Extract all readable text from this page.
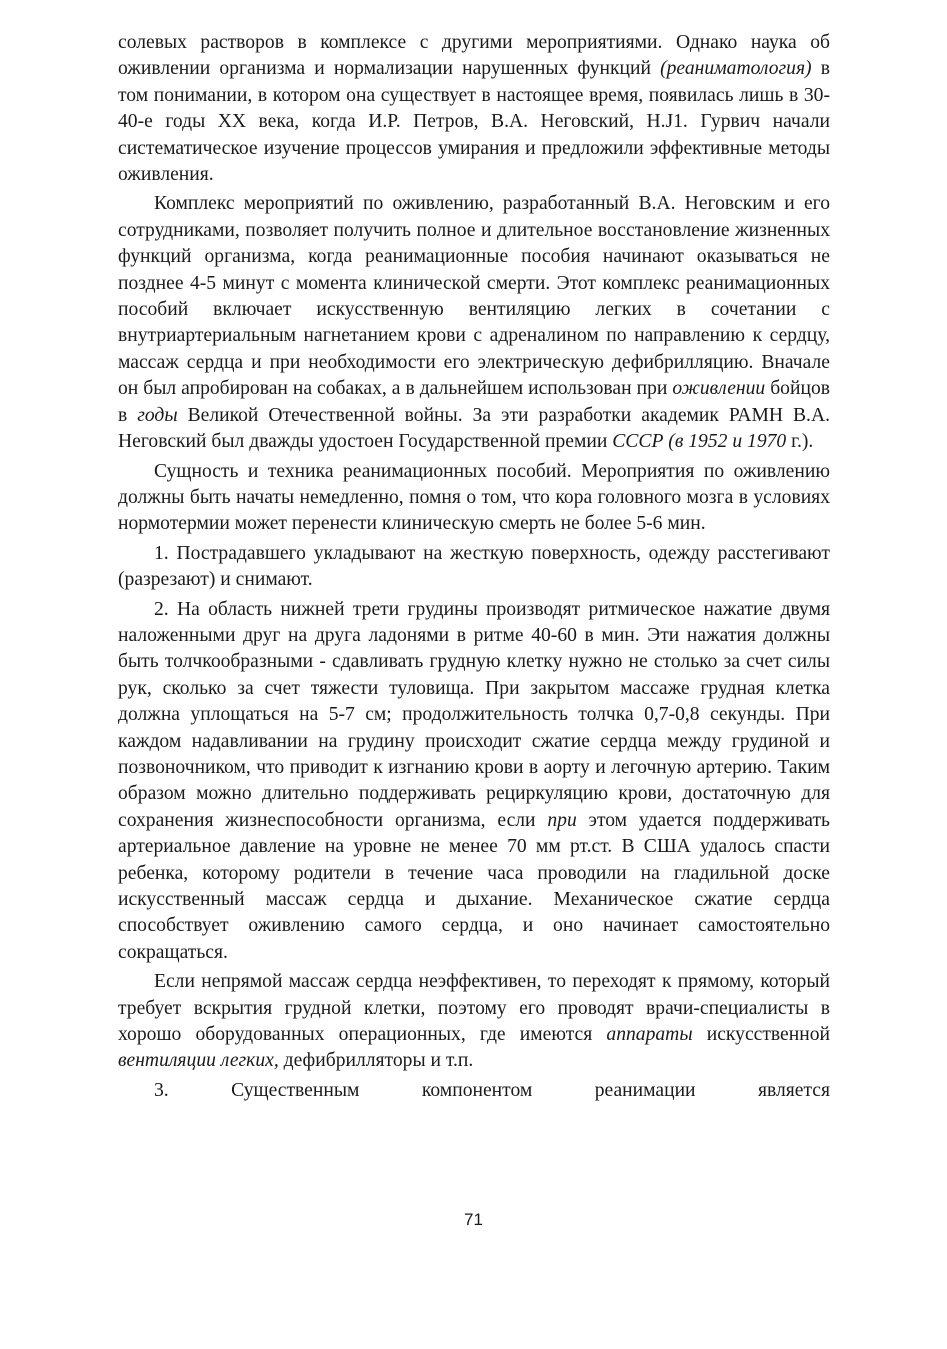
солевых растворов в комплексе с другими мероприятиями. Однако наука об оживлении организма и нормализации нарушенных функций (реаниматология) в том понимании, в котором она существует в настоящее время, появилась лишь в 30-40-е годы XX века, когда И.Р. Петров, В.А. Неговский, Н.J1. Гурвич начали систематическое изучение процессов умирания и предложили эффективные методы оживления.

Комплекс мероприятий по оживлению, разработанный В.А. Неговским и его сотрудниками, позволяет получить полное и длительное восстановление жизненных функций организма, когда реанимационные пособия начинают оказываться не позднее 4-5 минут с момента клинической смерти. Этот комплекс реанимационных пособий включает искусственную вентиляцию легких в сочетании с внутриартериальным нагнетанием крови с адреналином по направлению к сердцу, массаж сердца и при необходимости его электрическую дефибрилляцию. Вначале он был апробирован на собаках, а в дальнейшем использован при оживлении бойцов в годы Великой Отечественной войны. За эти разработки академик РАМН В.А. Неговский был дважды удостоен Государственной премии СССР (в 1952 и 1970 г.).

Сущность и техника реанимационных пособий. Мероприятия по оживлению должны быть начаты немедленно, помня о том, что кора головного мозга в условиях нормотермии может перенести клиническую смерть не более 5-6 мин.

1. Пострадавшего укладывают на жесткую поверхность, одежду расстегивают (разрезают) и снимают.

2. На область нижней трети грудины производят ритмическое нажатие двумя наложенными друг на друга ладонями в ритме 40-60 в мин. Эти нажатия должны быть толчкообразными - сдавливать грудную клетку нужно не столько за счет силы рук, сколько за счет тяжести туловища. При закрытом массаже грудная клетка должна уплощаться на 5-7 см; продолжительность толчка 0,7-0,8 секунды. При каждом надавливании на грудину происходит сжатие сердца между грудиной и позвоночником, что приводит к изгнанию крови в аорту и легочную артерию. Таким образом можно длительно поддерживать рециркуляцию крови, достаточную для сохранения жизнеспособности организма, если при этом удается поддерживать артериальное давление на уровне не менее 70 мм рт.ст. В США удалось спасти ребенка, которому родители в течение часа проводили на гладильной доске искусственный массаж сердца и дыхание. Механическое сжатие сердца способствует оживлению самого сердца, и оно начинает самостоятельно сокращаться.

Если непрямой массаж сердца неэффективен, то переходят к прямому, который требует вскрытия грудной клетки, поэтому его проводят врачи-специалисты в хорошо оборудованных операционных, где имеются аппараты искусственной вентиляции легких, дефибрилляторы и т.п.

3. Существенным компонентом реанимации является

71
